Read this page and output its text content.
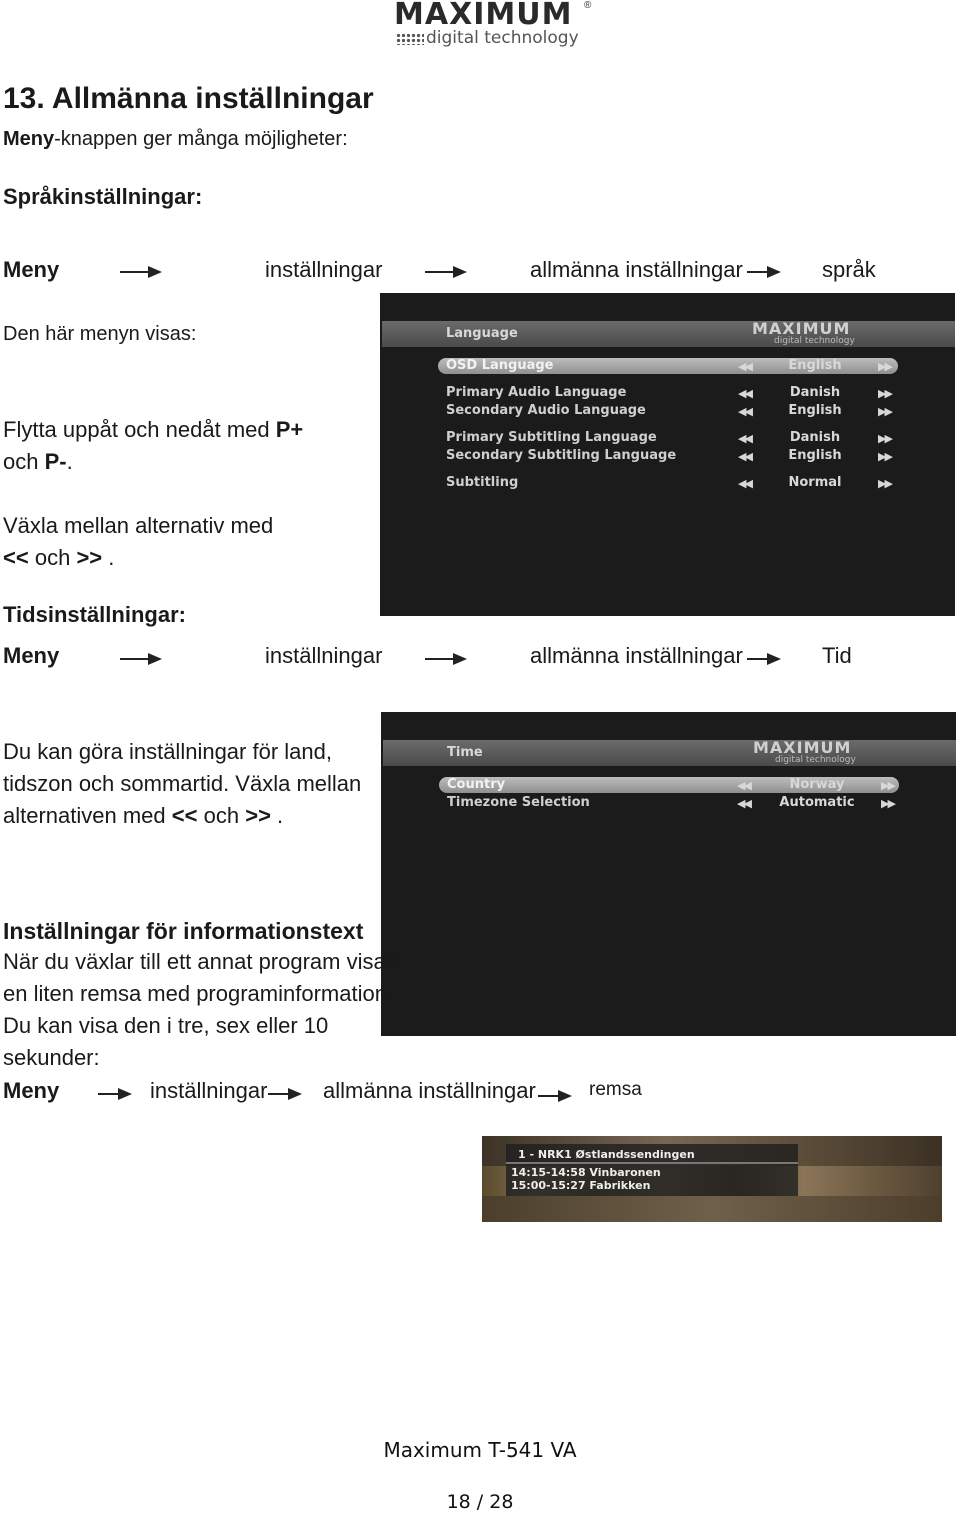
MAXIMUM ®
digital technology
13. Allmänna inställningar
Meny-knappen ger många möjligheter:
Språkinställningar:
Meny	inställningar	allmänna inställningar	språk
Den här menyn visas:
Flytta uppåt och nedåt med P+
och P-.
Växla mellan alternativ med
<< och >> .
Language	MAXIMUM
digital technology
OSD Language	◀◀	English	▶▶
Primary Audio Language	◀◀	Danish	▶▶
Secondary Audio Language	◀◀	English	▶▶
Primary Subtitling Language	◀◀	Danish	▶▶
Secondary Subtitling Language	◀◀	English	▶▶
Subtitling	◀◀	Normal	▶▶
Tidsinställningar:
Meny	inställningar	allmänna inställningar	Tid
Du kan göra inställningar för land,
tidszon och sommartid. Växla mellan
alternativen med << och >> .
Time	MAXIMUM
digital technology
Country	◀◀	Norway	▶▶
Timezone Selection	◀◀	Automatic	▶▶
Inställningar för informationstext
När du växlar till ett annat program visas
en liten remsa med programinformation.
Du kan visa den i tre, sex eller 10
sekunder:
Meny	inställningar	allmänna inställningar	remsa
1 - NRK1 Østlandssendingen
14:15-14:58 Vinbaronen
15:00-15:27 Fabrikken
Maximum T-541 VA
18 / 28
